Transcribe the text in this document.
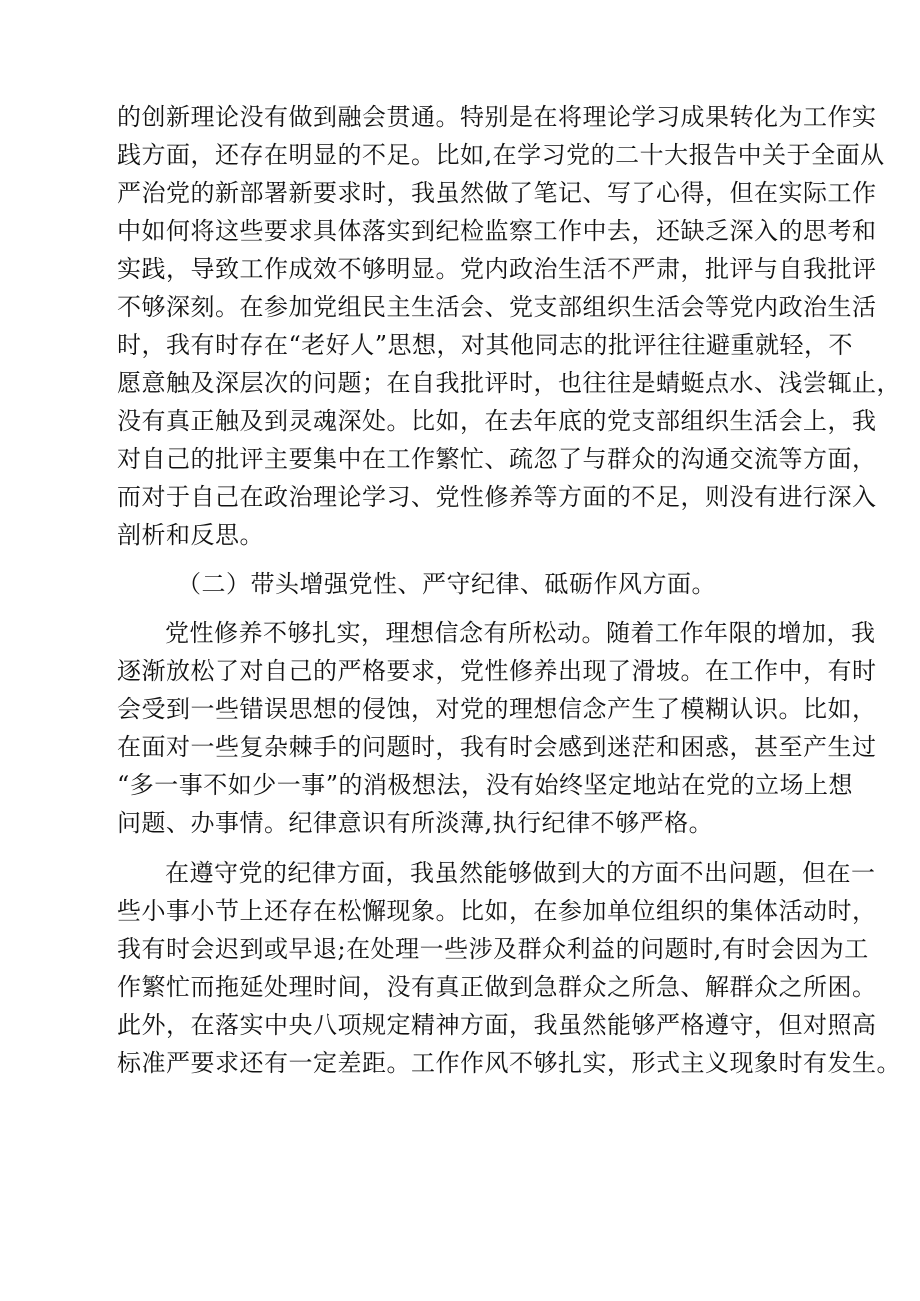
的创新理论没有做到融会贯通。特别是在将理论学习成果转化为工作实
践方面，还存在明显的不足。比如,在学习党的二十大报告中关于全面从
严治党的新部署新要求时，我虽然做了笔记、写了心得，但在实际工作
中如何将这些要求具体落实到纪检监察工作中去，还缺乏深入的思考和
实践，导致工作成效不够明显。党内政治生活不严肃，批评与自我批评
不够深刻。在参加党组民主生活会、党支部组织生活会等党内政治生活
时，我有时存在“老好人”思想，对其他同志的批评往往避重就轻，不
愿意触及深层次的问题；在自我批评时，也往往是蜻蜓点水、浅尝辄止，
没有真正触及到灵魂深处。比如，在去年底的党支部组织生活会上，我
对自己的批评主要集中在工作繁忙、疏忽了与群众的沟通交流等方面，
而对于自己在政治理论学习、党性修养等方面的不足，则没有进行深入
剖析和反思。
（二）带头增强党性、严守纪律、砥砺作风方面。
党性修养不够扎实，理想信念有所松动。随着工作年限的增加，我
逐渐放松了对自己的严格要求，党性修养出现了滑坡。在工作中，有时
会受到一些错误思想的侵蚀，对党的理想信念产生了模糊认识。比如，
在面对一些复杂棘手的问题时，我有时会感到迷茫和困惑，甚至产生过
“多一事不如少一事”的消极想法，没有始终坚定地站在党的立场上想
问题、办事情。纪律意识有所淡薄,执行纪律不够严格。
在遵守党的纪律方面，我虽然能够做到大的方面不出问题，但在一
些小事小节上还存在松懈现象。比如，在参加单位组织的集体活动时，
我有时会迟到或早退;在处理一些涉及群众利益的问题时,有时会因为工
作繁忙而拖延处理时间，没有真正做到急群众之所急、解群众之所困。
此外，在落实中央八项规定精神方面，我虽然能够严格遵守，但对照高
标准严要求还有一定差距。工作作风不够扎实，形式主义现象时有发生。
